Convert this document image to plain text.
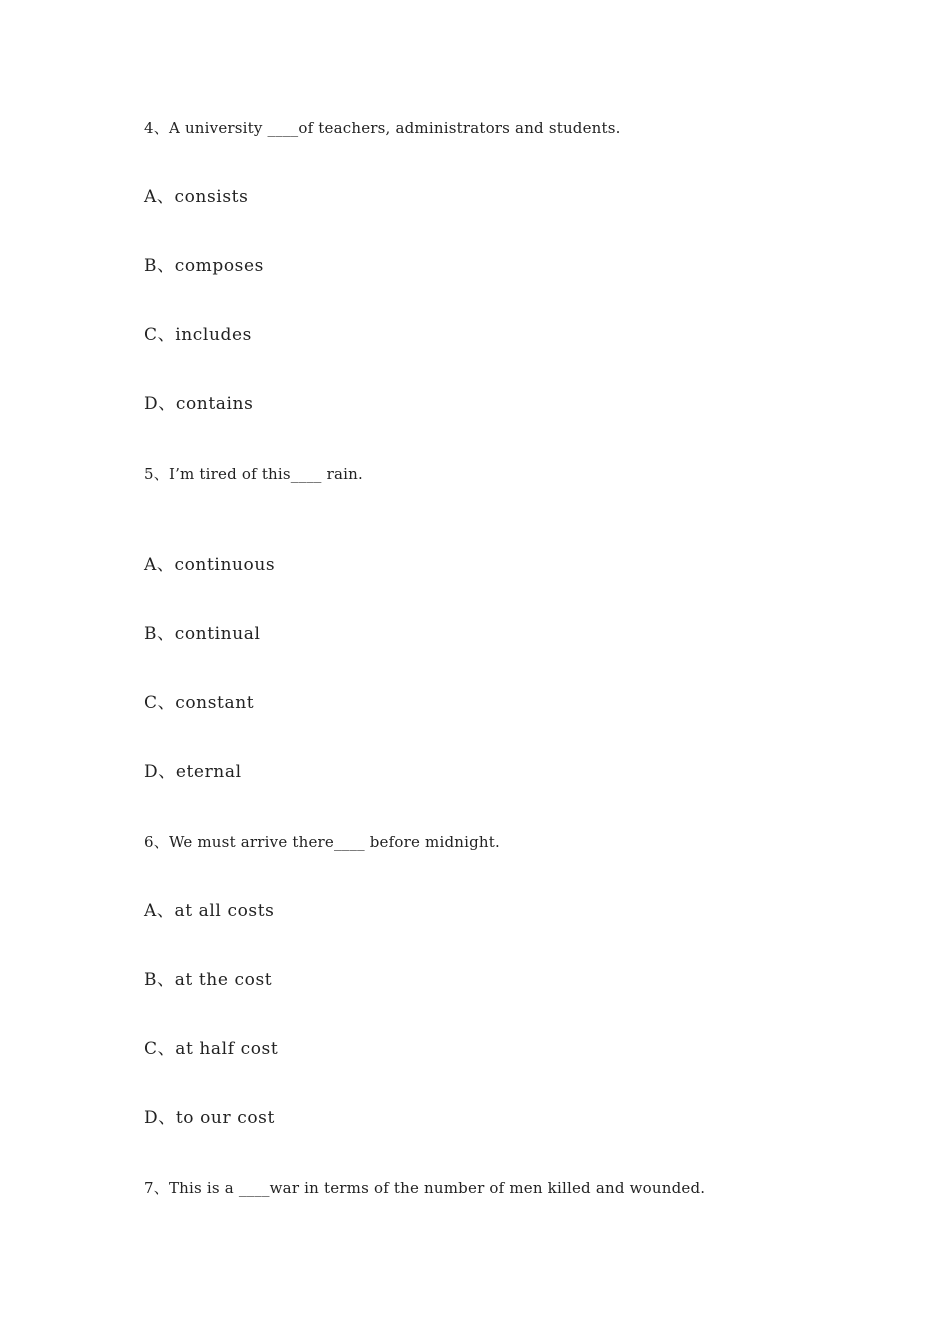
4、A university ____of teachers, administrators and students.
A、consists
B、composes
C、includes
D、contains
5、I’m tired of this____ rain.
A、continuous
B、continual
C、constant
D、eternal
6、We must arrive there____ before midnight.
A、at all costs
B、at the cost
C、at half cost
D、to our cost
7、This is a ____war in terms of the number of men killed and wounded.
